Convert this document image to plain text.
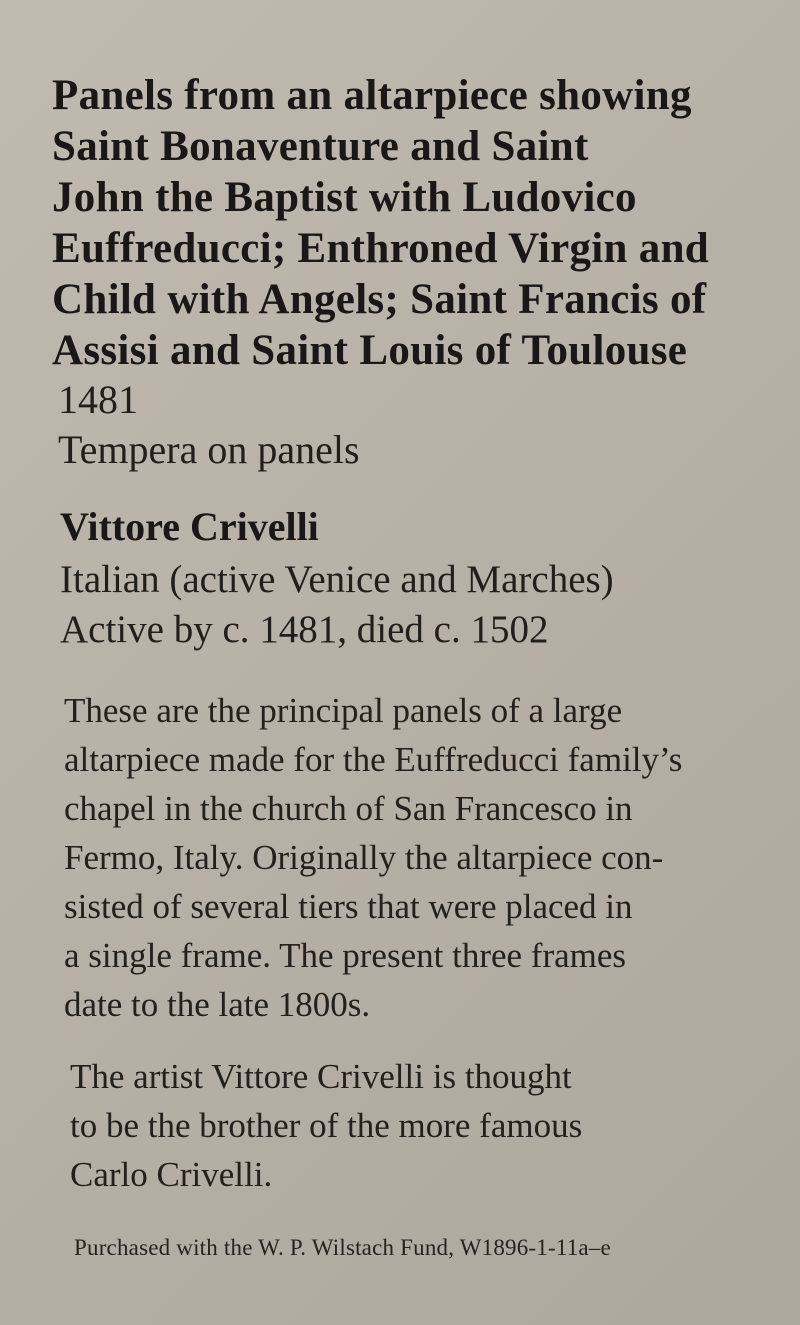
Panels from an altarpiece showing
Saint Bonaventure and Saint
John the Baptist with Ludovico
Euffreducci; Enthroned Virgin and
Child with Angels; Saint Francis of
Assisi and Saint Louis of Toulouse
1481
Tempera on panels
Vittore Crivelli
Italian (active Venice and Marches)
Active by c. 1481, died c. 1502
These are the principal panels of a large
altarpiece made for the Euffreducci family’s
chapel in the church of San Francesco in
Fermo, Italy. Originally the altarpiece con-
sisted of several tiers that were placed in
a single frame. The present three frames
date to the late 1800s.
The artist Vittore Crivelli is thought
to be the brother of the more famous
Carlo Crivelli.
Purchased with the W. P. Wilstach Fund, W1896-1-11a–e
